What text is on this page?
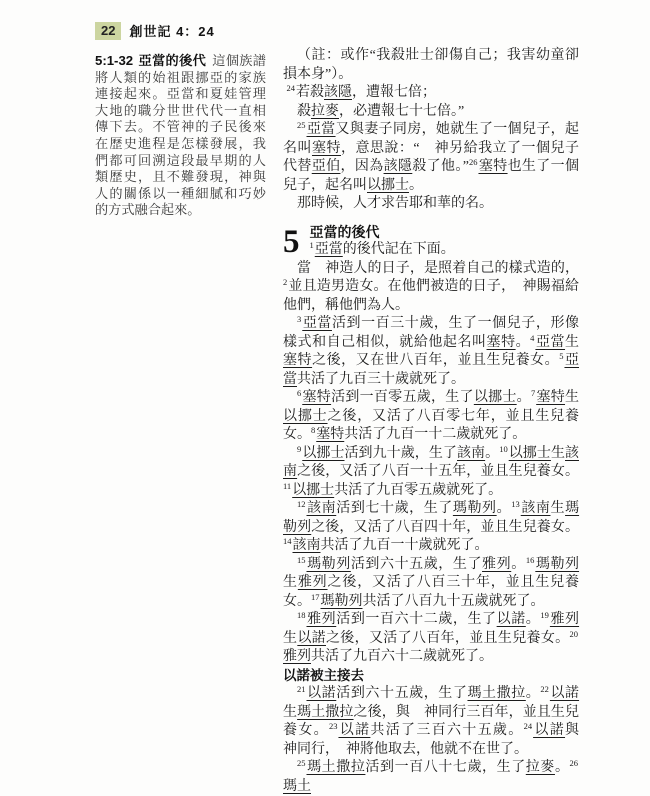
22	創世記 4：24
5:1-32 亞當的後代 這個族譜將人類的始祖跟挪亞的家族連接起來。亞當和夏娃管理大地的職分世世代代一直相傳下去。不管神的子民後來在歷史進程是怎樣發展，我們都可回溯這段最早期的人類歷史，且不難發現，神與人的關係以一種細膩和巧妙的方式融合起來。

（註：或作“我殺壯士卻傷自己；我害幼童卻損本身”）。

$^{24}$若殺該隱，遭報七倍；

殺拉麥，必遭報七十七倍。”

$^{25}$亞當又與妻子同房，她就生了一個兒子，起名叫塞特，意思說：“　神另給我立了一個兒子代替亞伯，因為該隱殺了他。”$^{26}$塞特也生了一個兒子，起名叫以挪士。

那時候，人才求告耶和華的名。

5 亞當的後代

$^1$亞當的後代記在下面。

當　神造人的日子，是照着自己的樣式造的，$^2$並且造男造女。在他們被造的日子，　神賜福給他們，稱他們為人。

$^3$亞當活到一百三十歲，生了一個兒子，形像樣式和自己相似，就給他起名叫塞特。$^4$亞當生塞特之後，又在世八百年，並且生兒養女。$^5$亞當共活了九百三十歲就死了。

$^6$塞特活到一百零五歲，生了以挪士。$^7$塞特生以挪士之後，又活了八百零七年，並且生兒養女。$^8$塞特共活了九百一十二歲就死了。

$^9$以挪士活到九十歲，生了該南。$^{10}$以挪士生該南之後，又活了八百一十五年，並且生兒養女。$^{11}$以挪士共活了九百零五歲就死了。

$^{12}$該南活到七十歲，生了瑪勒列。$^{13}$該南生瑪勒列之後，又活了八百四十年，並且生兒養女。$^{14}$該南共活了九百一十歲就死了。

$^{15}$瑪勒列活到六十五歲，生了雅列。$^{16}$瑪勒列生雅列之後，又活了八百三十年，並且生兒養女。$^{17}$瑪勒列共活了八百九十五歲就死了。

$^{18}$雅列活到一百六十二歲，生了以諾。$^{19}$雅列生以諾之後，又活了八百年，並且生兒養女。$^{20}$雅列共活了九百六十二歲就死了。

以諾被主接去

$^{21}$以諾活到六十五歲，生了瑪土撒拉。$^{22}$以諾生瑪土撒拉之後，與　神同行三百年，並且生兒養女。$^{23}$以諾共活了三百六十五歲。$^{24}$以諾與　神同行，　神將他取去，他就不在世了。

$^{25}$瑪土撒拉活到一百八十七歲，生了拉麥。$^{26}$瑪土
